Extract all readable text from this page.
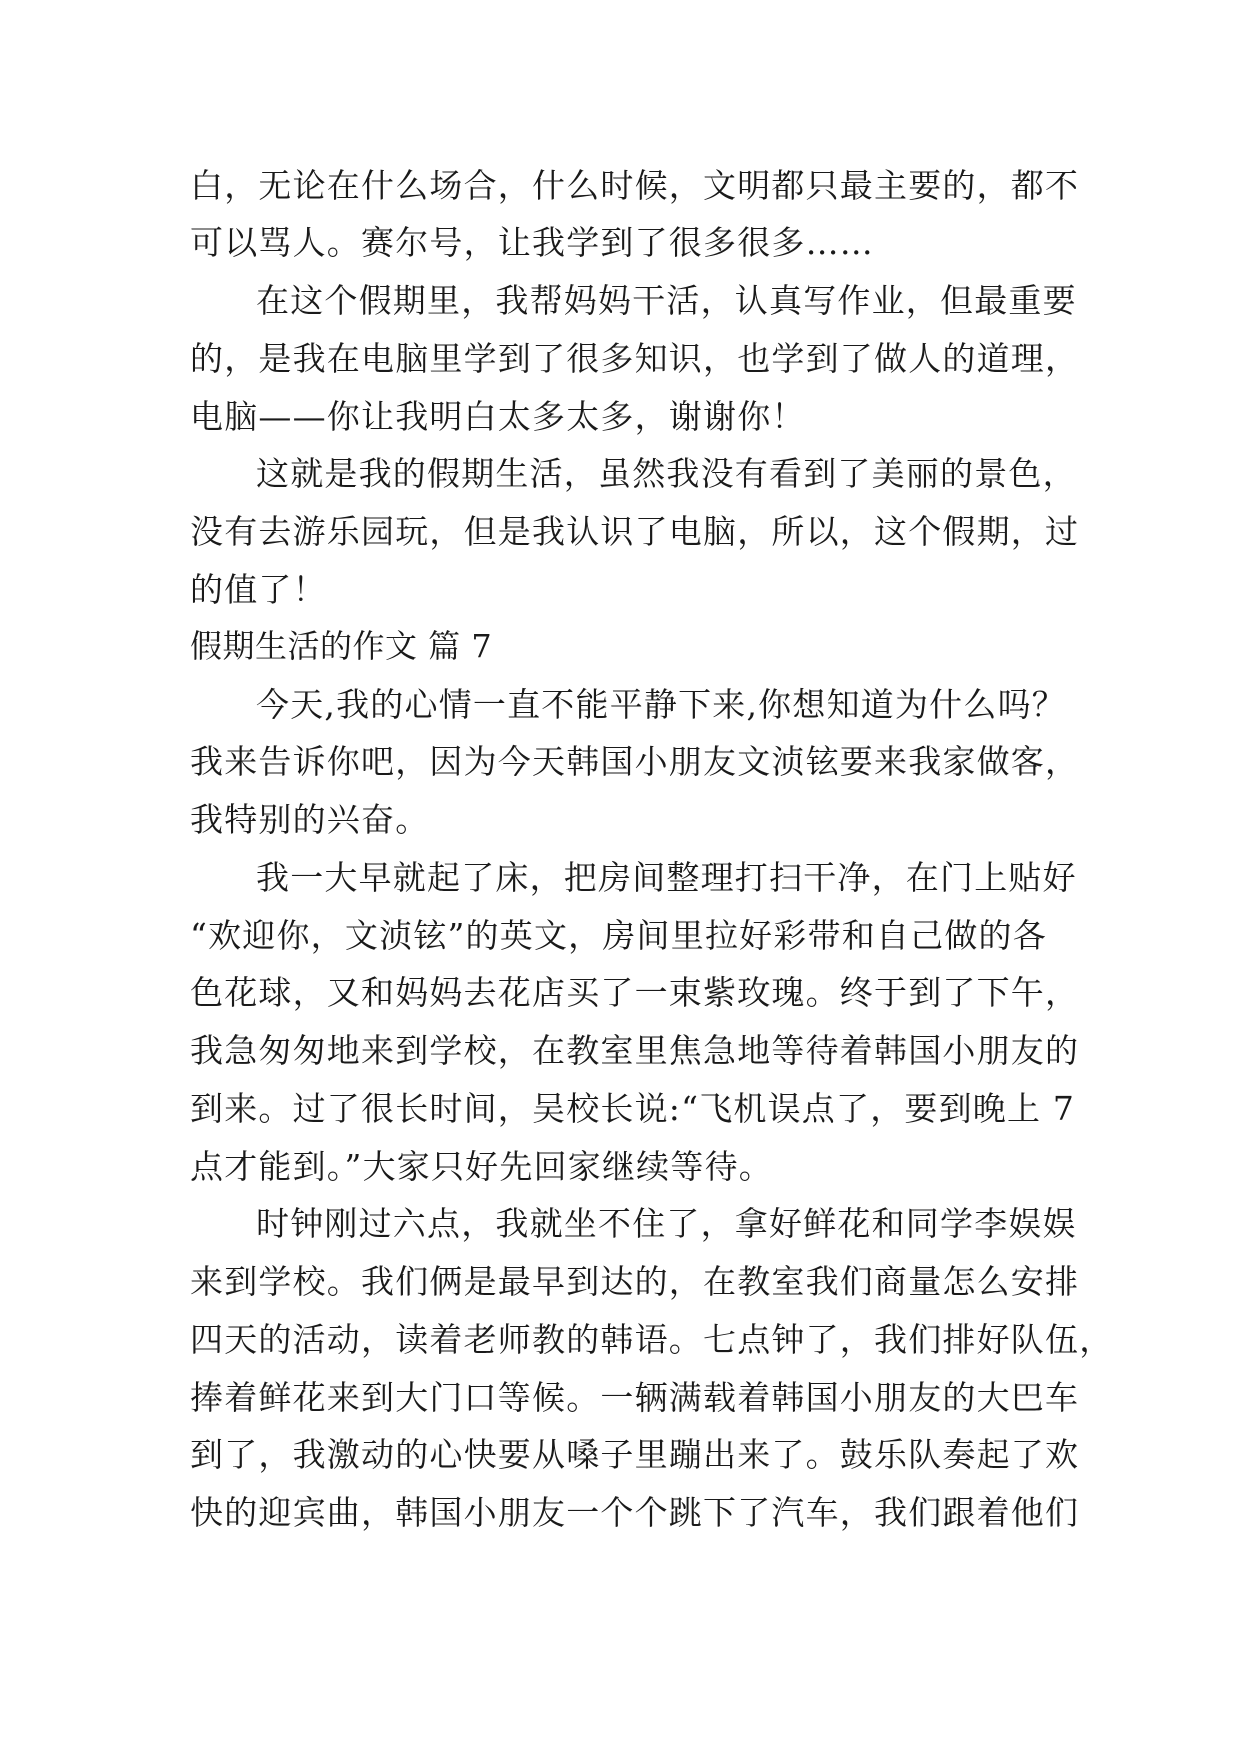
白，无论在什么场合，什么时候，文明都只最主要的，都不
可以骂人。赛尔号，让我学到了很多很多……
在这个假期里，我帮妈妈干活，认真写作业，但最重要
的，是我在电脑里学到了很多知识，也学到了做人的道理，
电脑——你让我明白太多太多，谢谢你！
这就是我的假期生活，虽然我没有看到了美丽的景色，
没有去游乐园玩，但是我认识了电脑，所以，这个假期，过
的值了！
假期生活的作文 篇 7
今天,我的心情一直不能平静下来,你想知道为什么吗？
我来告诉你吧，因为今天韩国小朋友文浈铉要来我家做客，
我特别的兴奋。
我一大早就起了床，把房间整理打扫干净，在门上贴好
“欢迎你，文浈铉”的英文，房间里拉好彩带和自己做的各
色花球，又和妈妈去花店买了一束紫玫瑰。终于到了下午，
我急匆匆地来到学校，在教室里焦急地等待着韩国小朋友的
到来。过了很长时间，吴校长说:“飞机误点了，要到晚上 7
点才能到。”大家只好先回家继续等待。
时钟刚过六点，我就坐不住了，拿好鲜花和同学李娱娱
来到学校。我们俩是最早到达的，在教室我们商量怎么安排
四天的活动，读着老师教的韩语。七点钟了，我们排好队伍，
捧着鲜花来到大门口等候。一辆满载着韩国小朋友的大巴车
到了，我激动的心快要从嗓子里蹦出来了。鼓乐队奏起了欢
快的迎宾曲，韩国小朋友一个个跳下了汽车，我们跟着他们
